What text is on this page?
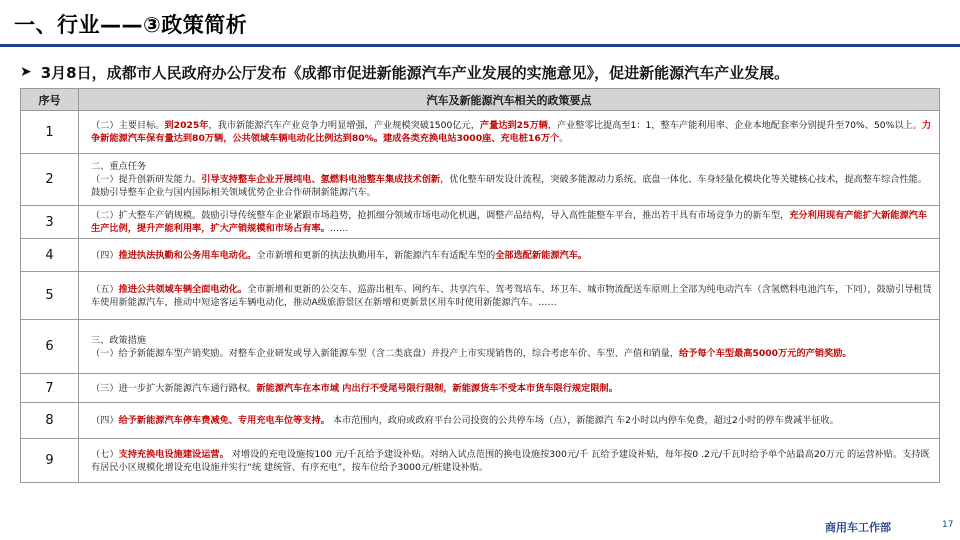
一、行业——③政策简析
➤ 3月8日，成都市人民政府办公厅发布《成都市促进新能源汽车产业发展的实施意见》，促进新能源汽车产业发展。
序号	汽车及新能源汽车相关的政策要点
1	（二）主要目标。到2025年，我市新能源汽车产业竞争力明显增强，产业规模突破1500亿元，产量达到25万辆，产业整零比提高至1：1，整车产能利用率、企业本地配套率分别提升至70%、50%以上。力争新能源汽车保有量达到80万辆，公共领域车辆电动化比例达到80%。建成各类充换电站3000座、充电桩16万个。
2	二、重点任务
（一）提升创新研发能力。引导支持整车企业开展纯电、氢燃料电池整车集成技术创新，优化整车研发设计流程，突破多能源动力系统、底盘一体化、车身轻量化模块化等关键核心技术，提高整车综合性能。鼓励引导整车企业与国内国际相关领域优势企业合作研制新能源汽车。
3	（二）扩大整车产销规模。鼓励引导传统整车企业紧跟市场趋势，抢抓细分领域市场电动化机遇，调整产品结构，导入高性能整车平台，推出若干具有市场竞争力的新车型，充分利用现有产能扩大新能源汽车生产比例，提升产能利用率，扩大产销规模和市场占有率。……
4	（四）推进执法执勤和公务用车电动化。全市新增和更新的执法执勤用车，新能源汽车有适配车型的全部选配新能源汽车。
5	（五）推进公共领域车辆全面电动化。全市新增和更新的公交车、巡游出租车、网约车、共享汽车、驾考驾培车、环卫车、城市物流配送车原则上全部为纯电动汽车（含氢燃料电池汽车，下同），鼓励引导租赁车使用新能源汽车，推动中短途客运车辆电动化，推动A级旅游景区在新增和更新景区用车时使用新能源汽车。……
6	三、政策措施
（一）给予新能源车型产销奖励。对整车企业研发或导入新能源车型（含二类底盘）并投产上市实现销售的，综合考虑车价、车型、产值和销量，给予每个车型最高5000万元的产销奖励。
7	（三）进一步扩大新能源汽车通行路权。新能源汽车在本市域 内出行不受尾号限行限制，新能源货车不受本市货车限行规定限制。
8	（四）给予新能源汽车停车费减免、专用充电车位等支持。 本市范围内，政府或政府平台公司投资的公共停车场（点），新能源汽 车2小时以内停车免费，超过2小时的停车费减半征收。
9	（七）支持充换电设施建设运营。 对增设的充电设施按100 元/千瓦给予建设补贴。对纳入试点范围的换电设施按300元/千 瓦给予建设补贴，每年按0 .2元/千瓦时给予单个站最高20万元 的运营补贴。支持既有居民小区规模化增设充电设施并实行“统 建统管、有序充电”，按车位给予3000元/桩建设补贴。
商用车工作部	17
